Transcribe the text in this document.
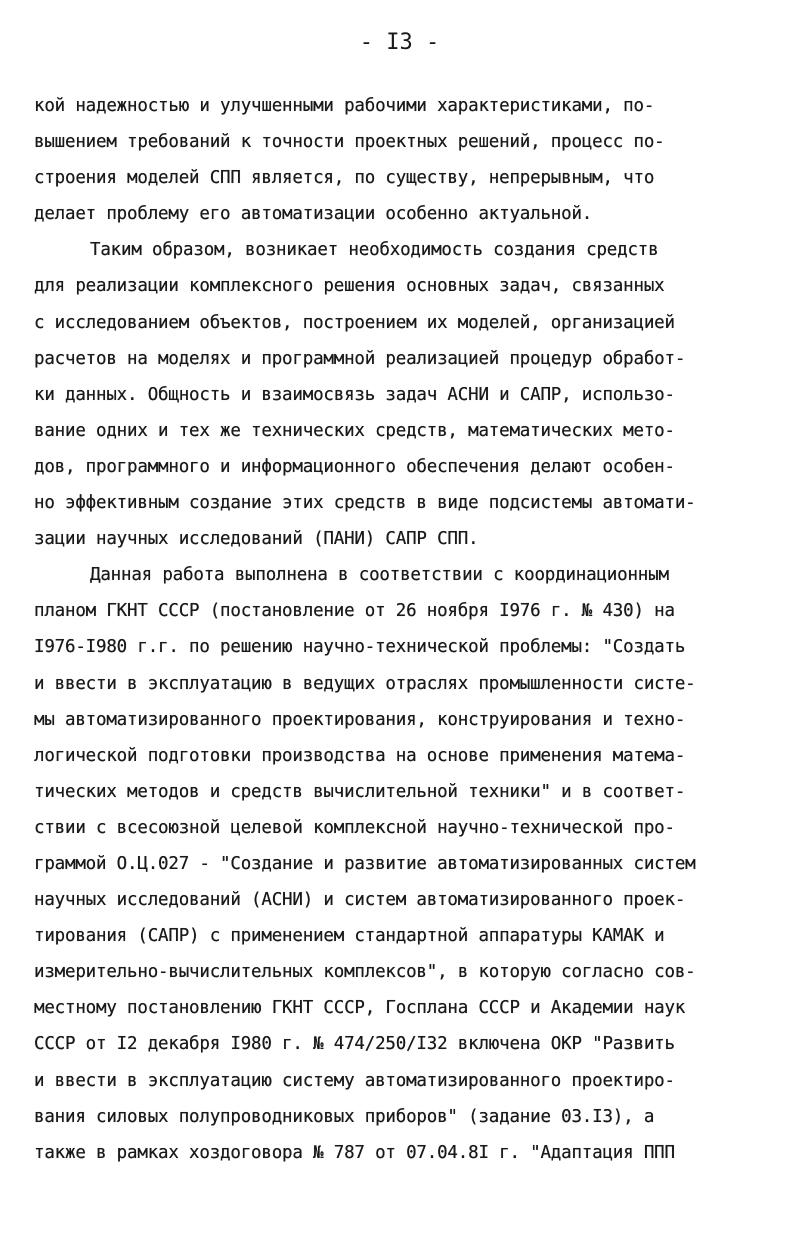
- I3 -
кой надежностью и улучшенными рабочими характеристиками, по-
вышением требований к точности проектных решений, процесс по-
строения моделей СПП является, по существу, непрерывным, что
делает проблему его автоматизации особенно актуальной.
Таким образом, возникает необходимость создания средств
для реализации комплексного решения основных задач, связанных
с исследованием объектов, построением их моделей, организацией
расчетов на моделях и программной реализацией процедур обработ-
ки данных. Общность и взаимосвязь задач АСНИ и САПР, использо-
вание одних и тех же технических средств, математических мето-
дов, программного и информационного обеспечения делают особен-
но эффективным создание этих средств в виде подсистемы автомати-
зации научных исследований (ПАНИ) САПР СПП.
Данная работа выполнена в соответствии с координационным
планом ГКНТ СССР (постановление от 26 ноября I976 г. № 430) на
I976-I980 г.г. по решению научно-технической проблемы: "Создать
и ввести в эксплуатацию в ведущих отраслях промышленности систе-
мы автоматизированного проектирования, конструирования и техно-
логической подготовки производства на основе применения матема-
тических методов и средств вычислительной техники" и в соответ-
ствии с всесоюзной целевой комплексной научно-технической про-
граммой О.Ц.027 - "Создание и развитие автоматизированных систем
научных исследований (АСНИ) и систем автоматизированного проек-
тирования (САПР) с применением стандартной аппаратуры КАМАК и
измерительно-вычислительных комплексов", в которую согласно сов-
местному постановлению ГКНТ СССР, Госплана СССР и Академии наук
СССР от I2 декабря I980 г. № 474/250/I32 включена ОКР "Развить
и ввести в эксплуатацию систему автоматизированного проектиро-
вания силовых полупроводниковых приборов" (задание 03.I3), а
также в рамках хоздоговора № 787 от 07.04.8I г. "Адаптация ППП
